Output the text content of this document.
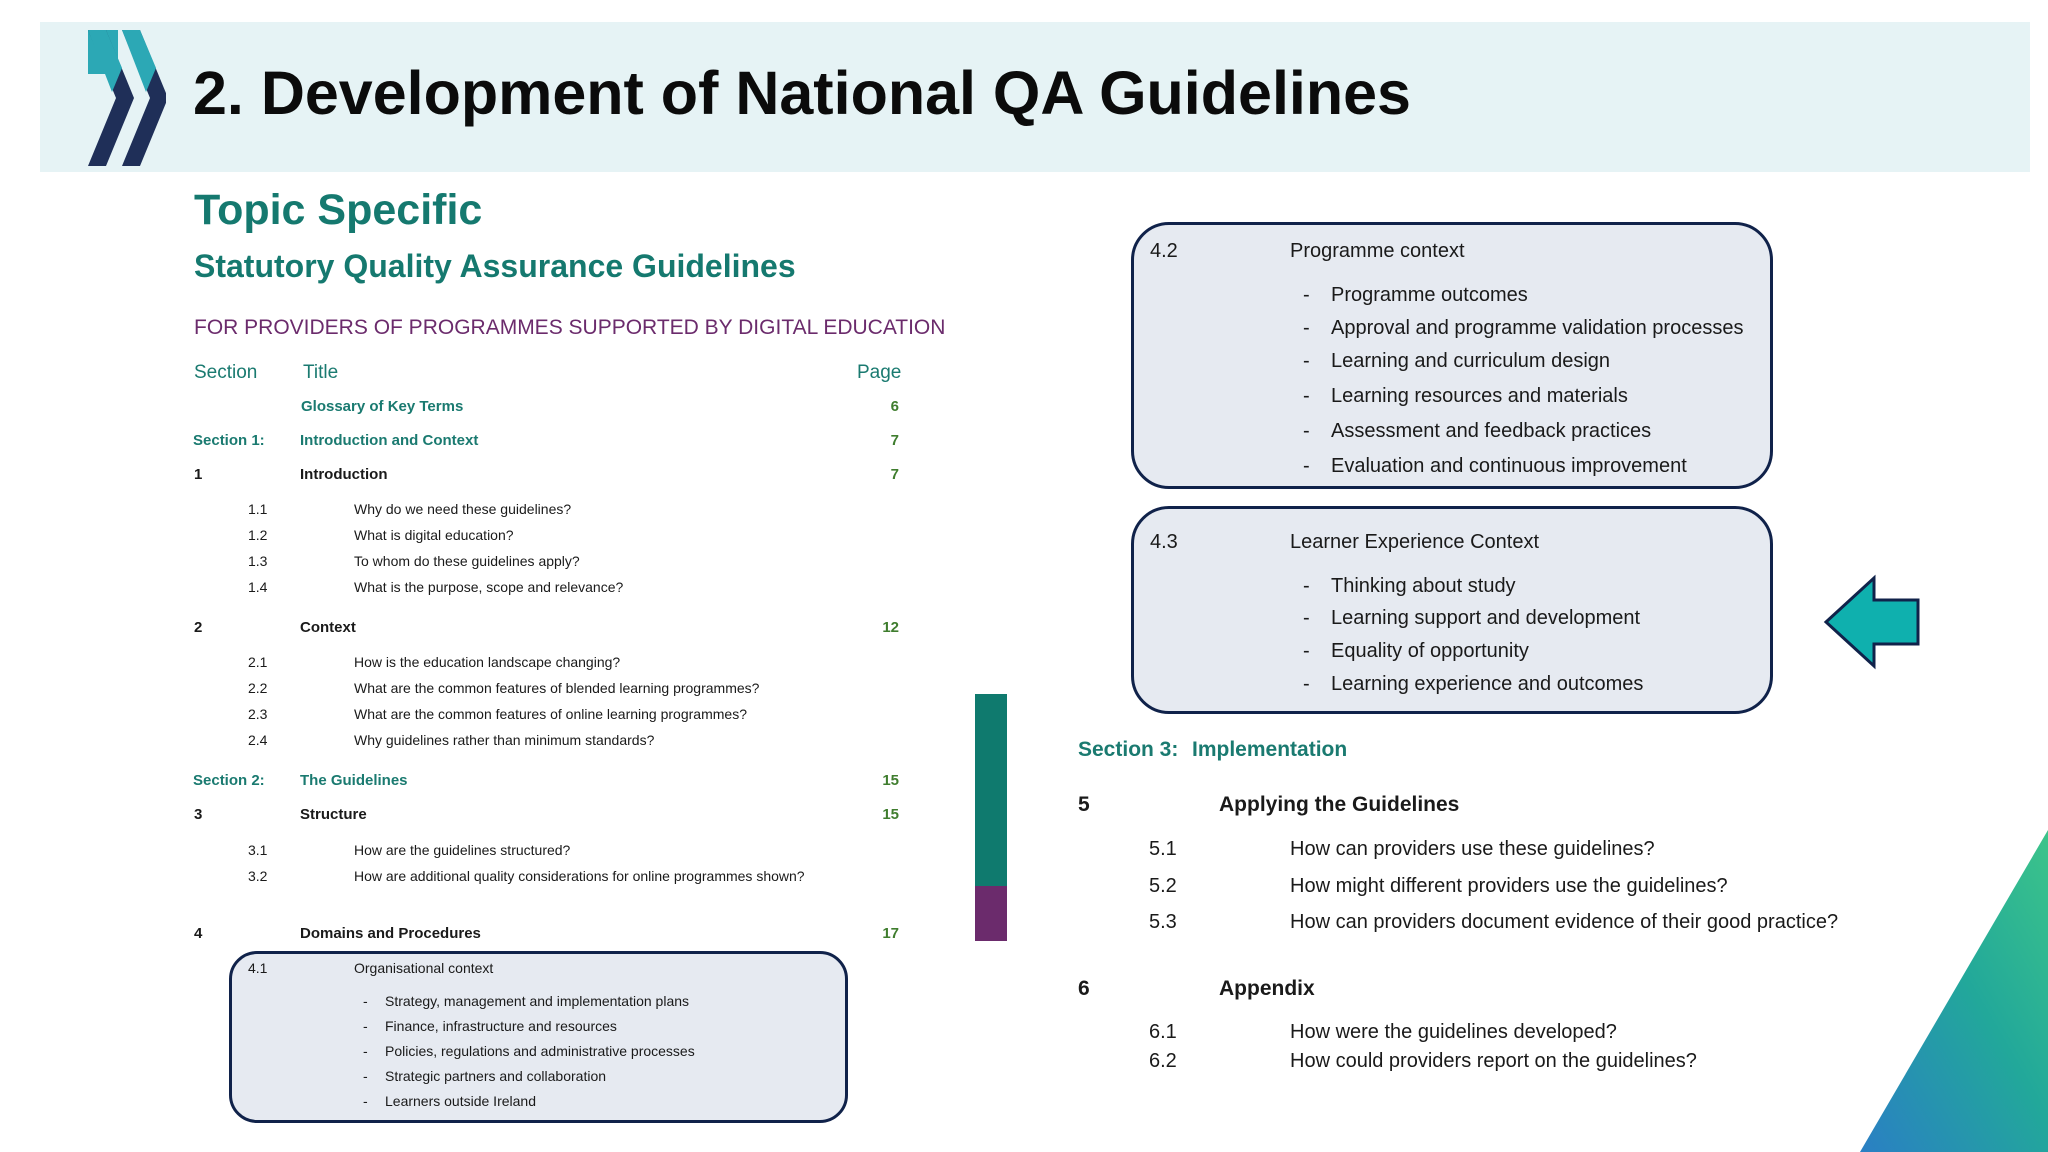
2. Development of National QA Guidelines
Topic Specific
Statutory Quality Assurance Guidelines
FOR PROVIDERS OF PROGRAMMES SUPPORTED BY DIGITAL EDUCATION
Section Title	Page
Glossary of Key Terms	6
Section 1: Introduction and Context	7
1	Introduction	7
1.1	Why do we need these guidelines?
1.2	What is digital education?
1.3	To whom do these guidelines apply?
1.4	What is the purpose, scope and relevance?
2	Context	12
2.1	How is the education landscape changing?
2.2	What are the common features of blended learning programmes?
2.3	What are the common features of online learning programmes?
2.4	Why guidelines rather than minimum standards?
Section 2: The Guidelines	15
3	Structure	15
3.1	How are the guidelines structured?
3.2	How are additional quality considerations for online programmes shown?
4	Domains and Procedures	17
4.1	Organisational context
- Strategy, management and implementation plans
- Finance, infrastructure and resources
- Policies, regulations and administrative processes
- Strategic partners and collaboration
- Learners outside Ireland
4.2	Programme context
- Programme outcomes
- Approval and programme validation processes
- Learning and curriculum design
- Learning resources and materials
- Assessment and feedback practices
- Evaluation and continuous improvement
4.3	Learner Experience Context
- Thinking about study
- Learning support and development
- Equality of opportunity
- Learning experience and outcomes
Section 3: Implementation
5	Applying the Guidelines
5.1	How can providers use these guidelines?
5.2	How might different providers use the guidelines?
5.3	How can providers document evidence of their good practice?
6	Appendix
6.1	How were the guidelines developed?
6.2	How could providers report on the guidelines?
